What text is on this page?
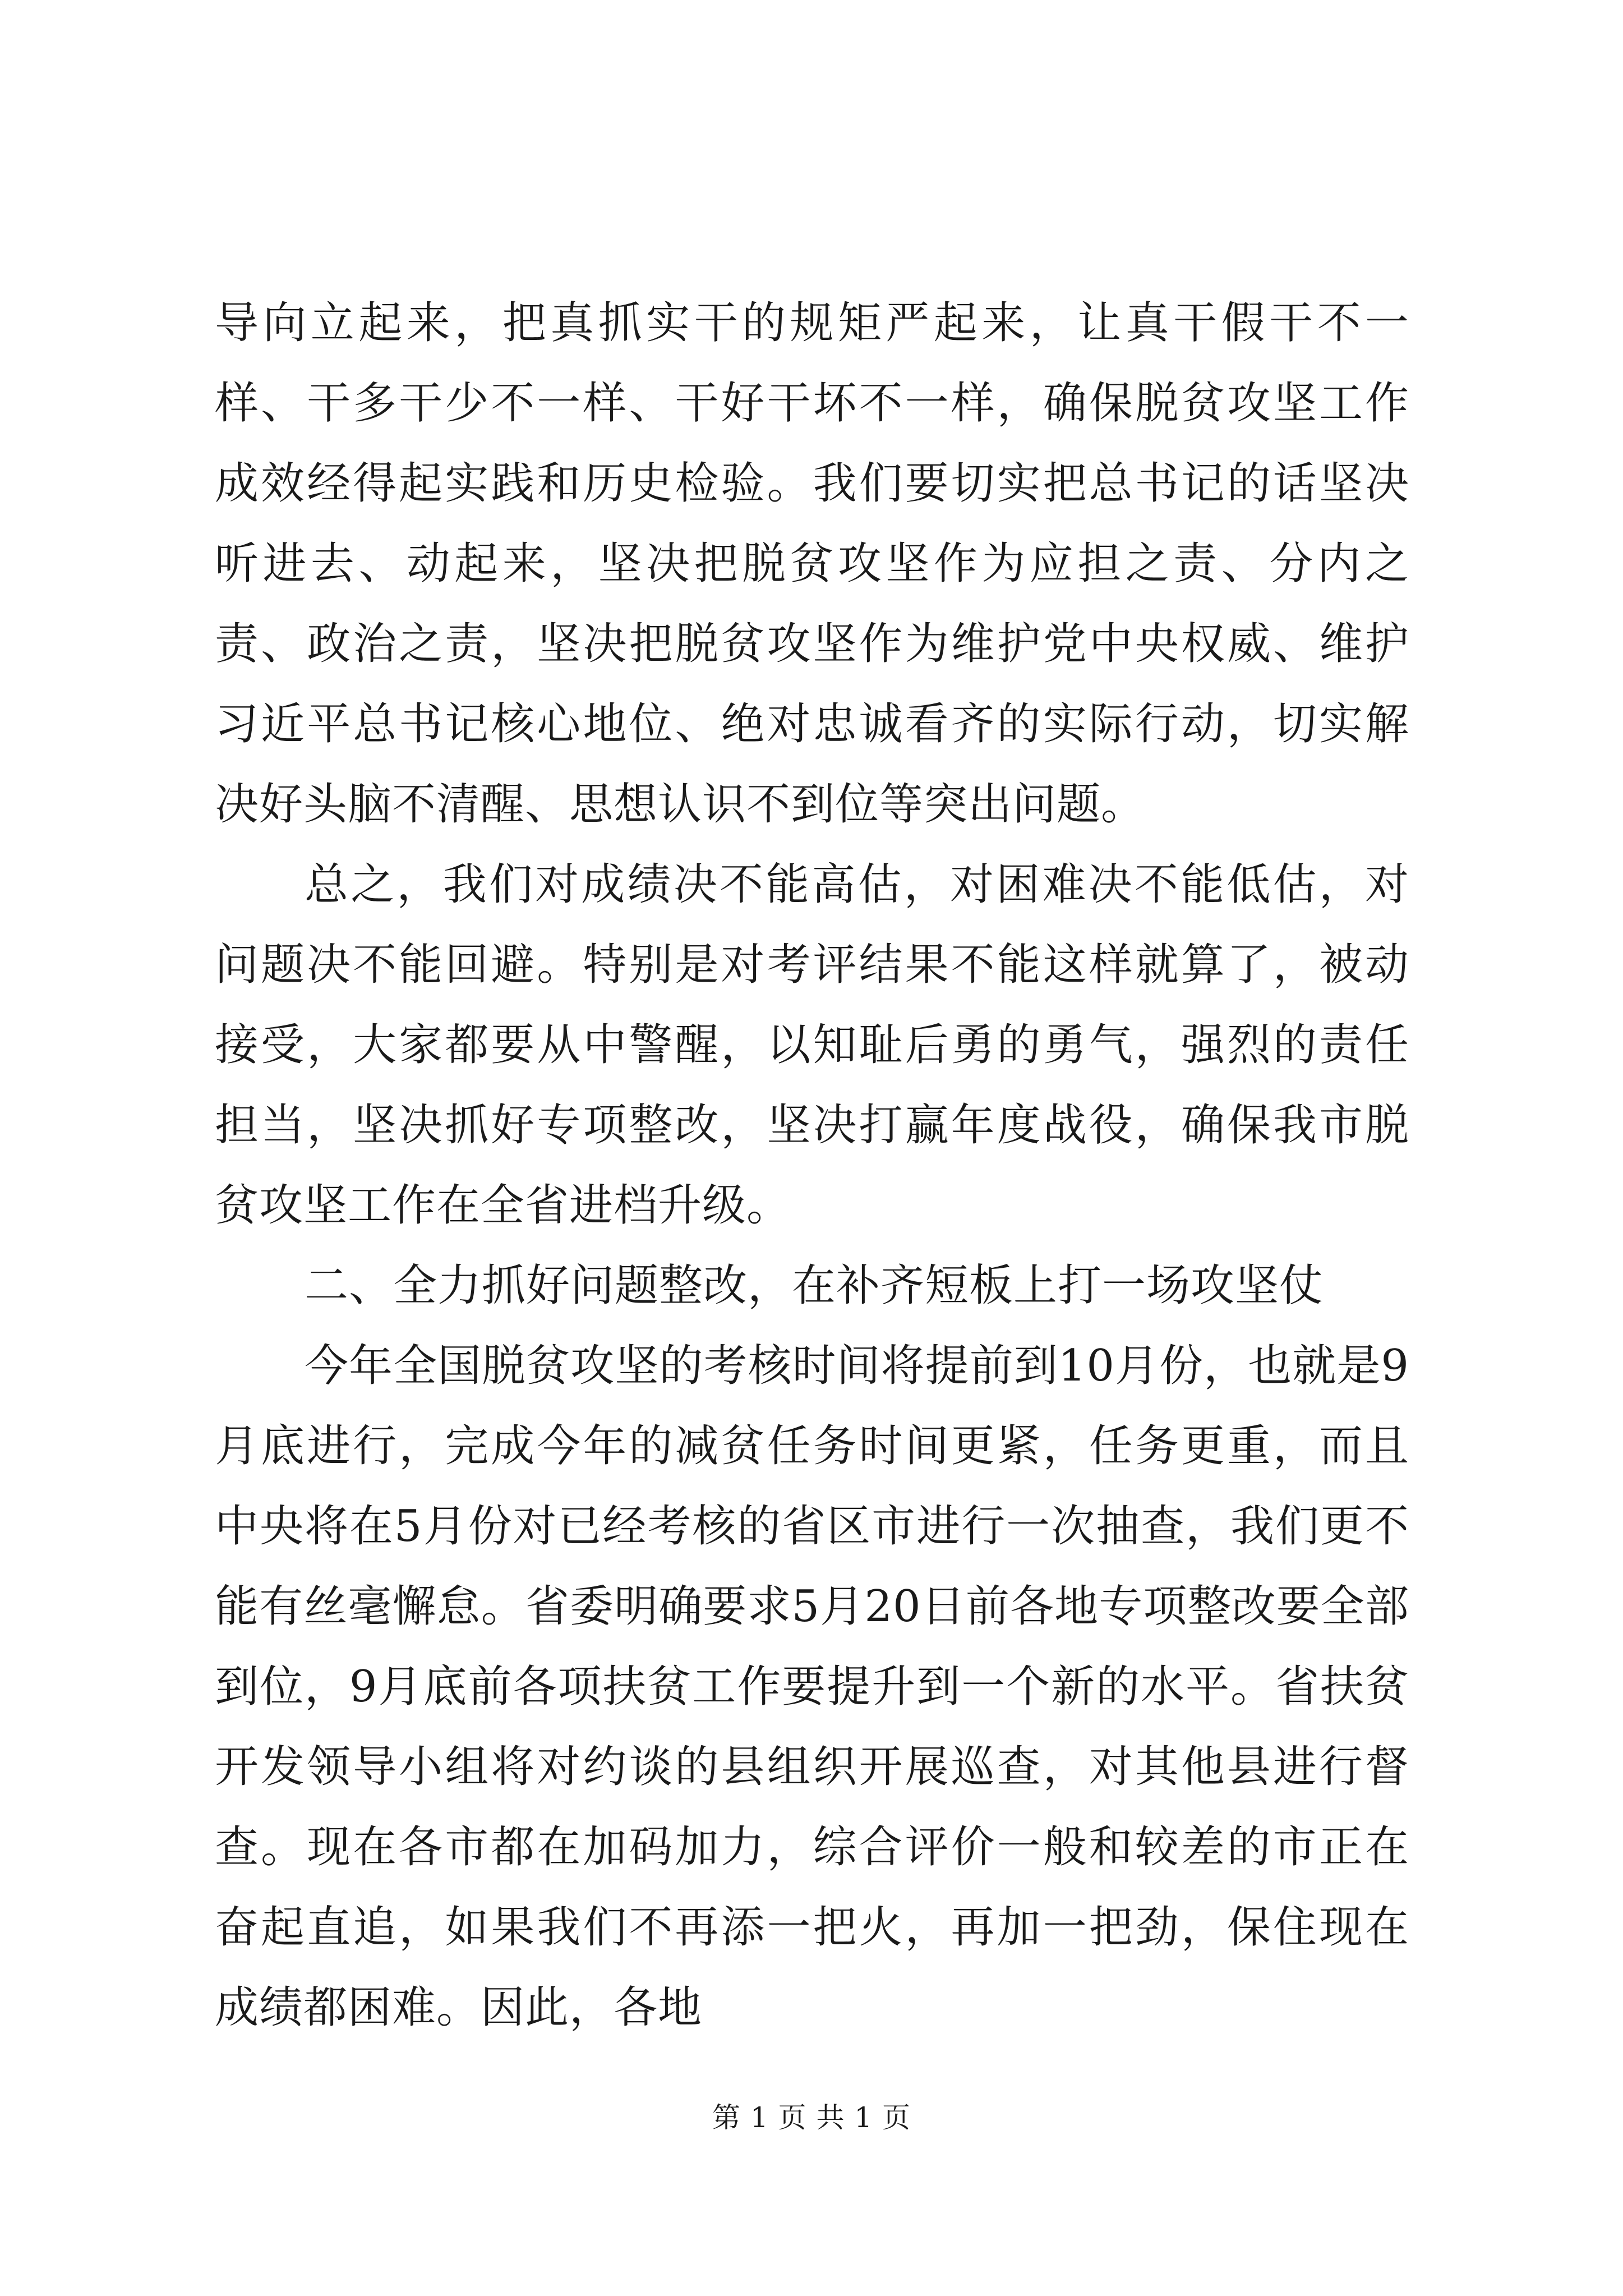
导向立起来，把真抓实干的规矩严起来，让真干假干不一样、干多干少不一样、干好干坏不一样，确保脱贫攻坚工作成效经得起实践和历史检验。我们要切实把总书记的话坚决听进去、动起来，坚决把脱贫攻坚作为应担之责、分内之责、政治之责，坚决把脱贫攻坚作为维护党中央权威、维护习近平总书记核心地位、绝对忠诚看齐的实际行动，切实解决好头脑不清醒、思想认识不到位等突出问题。

总之，我们对成绩决不能高估，对困难决不能低估，对问题决不能回避。特别是对考评结果不能这样就算了，被动接受，大家都要从中警醒，以知耻后勇的勇气，强烈的责任担当，坚决抓好专项整改，坚决打赢年度战役，确保我市脱贫攻坚工作在全省进档升级。

二、全力抓好问题整改，在补齐短板上打一场攻坚仗

今年全国脱贫攻坚的考核时间将提前到10月份，也就是9月底进行，完成今年的减贫任务时间更紧，任务更重，而且中央将在5月份对已经考核的省区市进行一次抽查，我们更不能有丝毫懈怠。省委明确要求5月20日前各地专项整改要全部到位，9月底前各项扶贫工作要提升到一个新的水平。省扶贫开发领导小组将对约谈的县组织开展巡查，对其他县进行督查。现在各市都在加码加力，综合评价一般和较差的市正在奋起直追，如果我们不再添一把火，再加一把劲，保住现在成绩都困难。因此，各地

第 1 页 共 1 页
